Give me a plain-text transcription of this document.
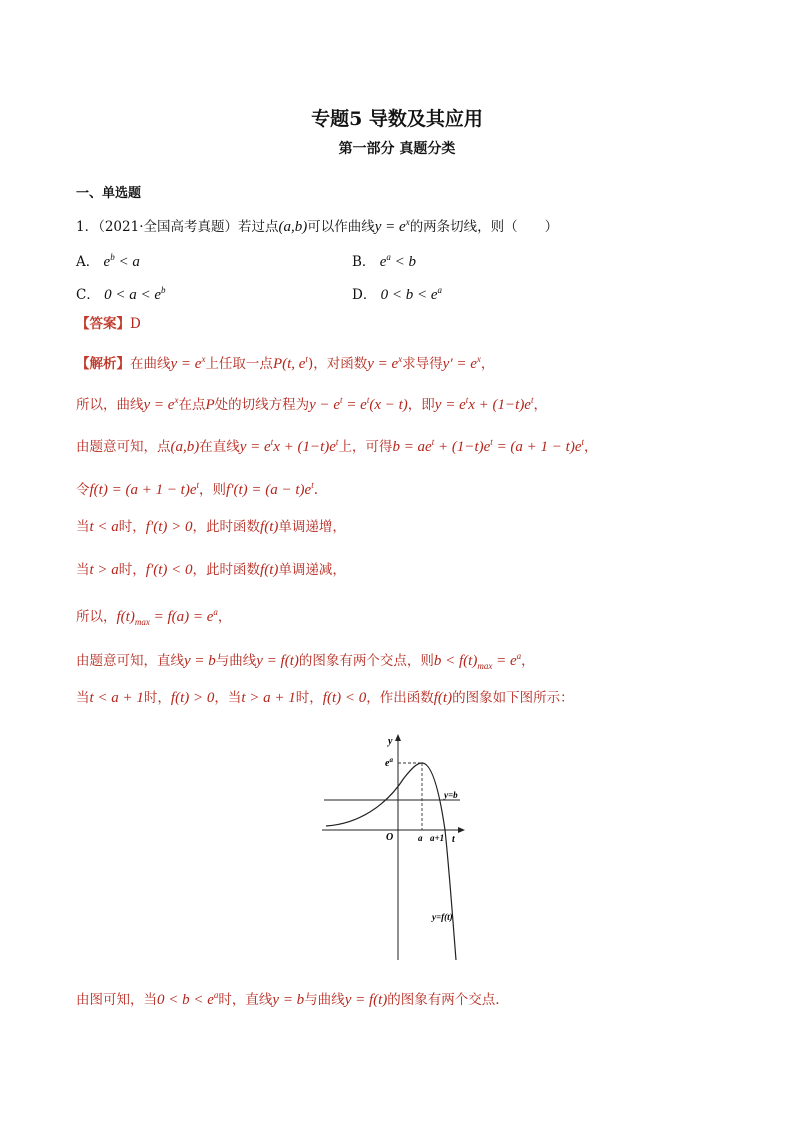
专题5 导数及其应用
第一部分 真题分类
一、单选题
1．（2021·全国高考真题）若过点(a,b)可以作曲线$y = e^x$的两条切线，则（　　）
A． $e^b < a$	B． $e^a < b$
C． $0 < a < e^b$	D． $0 < b < e^a$
【答案】D
【解析】在曲线$y = e^x$上任取一点P(t, $e^t$)，对函数$y = e^x$求导得$y' = e^x$，
所以，曲线$y = e^x$在点P处的切线方程为$y - e^t = e^t(x - t)$，即$y = e^tx + (1-t)e^t$，
由题意可知，点(a,b)在直线$y = e^tx + (1-t)e^t$上，可得$b = ae^t + (1-t)e^t = (a + 1 - t)e^t$，
令$f(t) = (a + 1 - t)e^t$，则$f'(t) = (a - t)e^t$.
当t < a时，f′(t) > 0，此时函数f(t)单调递增，
当t > a时，f′(t) < 0，此时函数f(t)单调递减，
所以，$f(t)_{max} = f(a) = e^a$，
由题意可知，直线y = b与曲线y = f(t)的图象有两个交点，则$b < f(t)_{max} = e^a$，
当t < a + 1时，f(t) > 0，当t > a + 1时，f(t) < 0，作出函数f(t)的图象如下图所示：
y
t
O
$e^a$
y=b
a a+1
y=f(t)
由图可知，当$0 < b < e^a$时，直线y = b与曲线y = f(t)的图象有两个交点.
